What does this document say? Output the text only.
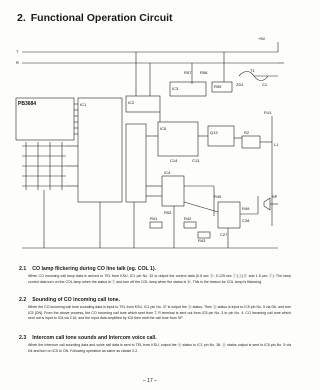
2. Functional Operation Circuit
T
R
PB3684	IC1	IC2
IC3
IC5
Q13
R57 R58
R59
C14	C13
+5V
ZD1
R2
C1
T1
SP
FU1
IC4
R41	R42
R43
R45
C27
C28
R49
R53
L1
2.1 CO lamp flickering during CO line talk (eg. COL 1).

When CO incoming call lamp data is arrived to TEL from KSU, IC1 pin No. 32 is output the control data (0.5 sec ⓗ, 0.125 sec ⓘ(ⓙ)ⓚ and 1.5 sec ⓛ). The lamp control data turn on the COL lamp when the status is ⓛ and turn off the COL lamp when the status is ⓜ. This is the reason for COL lamp is flickering.

2.2 Sounding of CO incoming call tone.

When the CO incoming call tone sounding data is input to TEL from KSU, IC1 pin No. 37 is output the ⓝ status. Then ⓝ status is input to IC5 pin No. 5 via D6, and turn IC5 [ON]. From the above process, the CO incoming call tone which sent from T, R terminal is sent out from IC5 pin No. 3 to pin No. 4. CO incoming call tone which sent out is input to IC6 via C16, and the input data amplified by IC6 then emit the call tone from SP.

2.3 Intercom call tone sounds and Intercom voice call.

When the Intercom call sounding data and voice call data is sent to TEL from KSU, output the ⓝ status to IC1 pin No. 38. ⓝ status output is sent to IC5 pin No. 5 via D4 and turn on IC5 to ON. Following operation as same as clause 2.2.

– 17 –
